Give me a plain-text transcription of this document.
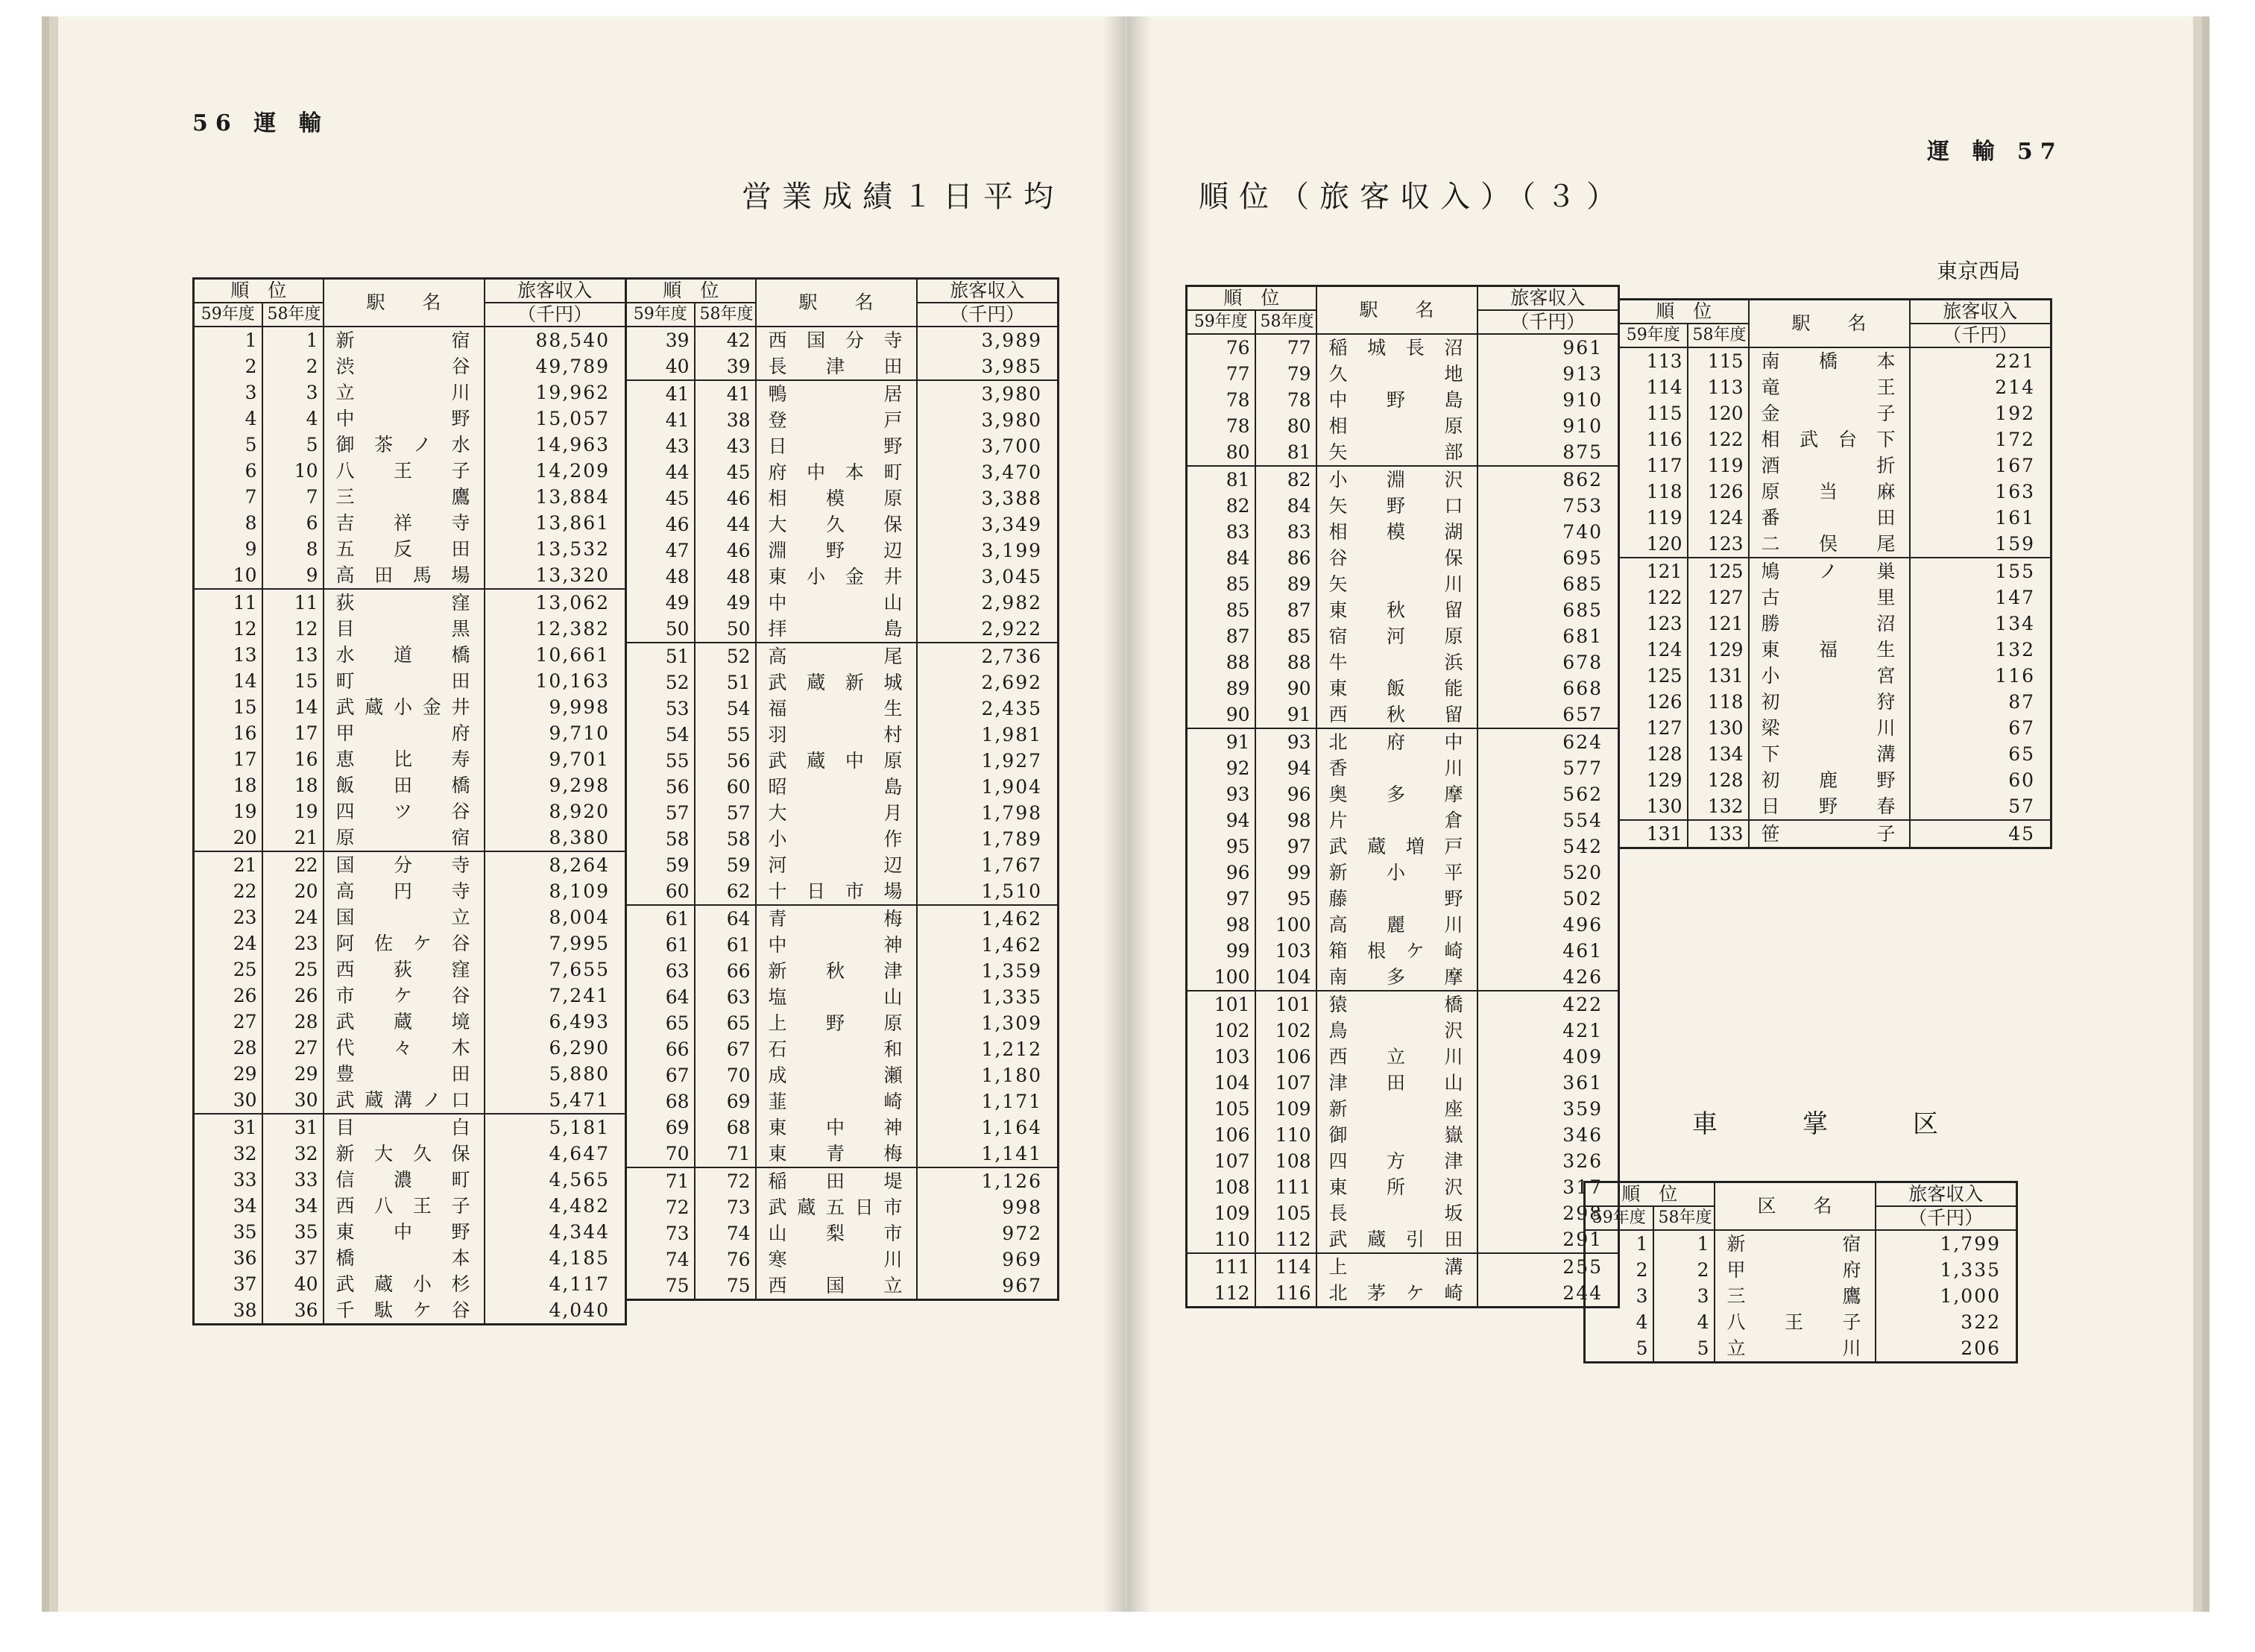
56 運 輸
営業成績１日平均
順　位		駅　　名	旅客収入
59年度	58年度		（千円）
1	1	新宿	88,540
2	2	渋谷	49,789
3	3	立川	19,962
4	4	中野	15,057
5	5	御茶ノ水	14,963
6	10	八王子	14,209
7	7	三鷹	13,884
8	6	吉祥寺	13,861
9	8	五反田	13,532
10	9	高田馬場	13,320
11	11	荻窪	13,062
12	12	目黒	12,382
13	13	水道橋	10,661
14	15	町田	10,163
15	14	武蔵小金井	9,998
16	17	甲府	9,710
17	16	恵比寿	9,701
18	18	飯田橋	9,298
19	19	四ツ谷	8,920
20	21	原宿	8,380
21	22	国分寺	8,264
22	20	高円寺	8,109
23	24	国立	8,004
24	23	阿佐ケ谷	7,995
25	25	西荻窪	7,655
26	26	市ケ谷	7,241
27	28	武蔵境	6,493
28	27	代々木	6,290
29	29	豊田	5,880
30	30	武蔵溝ノ口	5,471
31	31	目白	5,181
32	32	新大久保	4,647
33	33	信濃町	4,565
34	34	西八王子	4,482
35	35	東中野	4,344
36	37	橋本	4,185
37	40	武蔵小杉	4,117
38	36	千駄ケ谷	4,040
順　位		駅　　名	旅客収入
59年度	58年度		（千円）
39	42	西国分寺	3,989
40	39	長津田	3,985
41	41	鴨居	3,980
41	38	登戸	3,980
43	43	日野	3,700
44	45	府中本町	3,470
45	46	相模原	3,388
46	44	大久保	3,349
47	46	淵野辺	3,199
48	48	東小金井	3,045
49	49	中山	2,982
50	50	拝島	2,922
51	52	高尾	2,736
52	51	武蔵新城	2,692
53	54	福生	2,435
54	55	羽村	1,981
55	56	武蔵中原	1,927
56	60	昭島	1,904
57	57	大月	1,798
58	58	小作	1,789
59	59	河辺	1,767
60	62	十日市場	1,510
61	64	青梅	1,462
61	61	中神	1,462
63	66	新秋津	1,359
64	63	塩山	1,335
65	65	上野原	1,309
66	67	石和	1,212
67	70	成瀬	1,180
68	69	韮崎	1,171
69	68	東中神	1,164
70	71	東青梅	1,141
71	72	稲田堤	1,126
72	73	武蔵五日市	998
73	74	山梨市	972
74	76	寒川	969
75	75	西国立	967
運 輸 57
順位（旅客収入）（３）
東京西局
順　位		駅　　名	旅客収入
59年度	58年度		（千円）
76	77	稲城長沼	961
77	79	久地	913
78	78	中野島	910
78	80	相原	910
80	81	矢部	875
81	82	小淵沢	862
82	84	矢野口	753
83	83	相模湖	740
84	86	谷保	695
85	89	矢川	685
85	87	東秋留	685
87	85	宿河原	681
88	88	牛浜	678
89	90	東飯能	668
90	91	西秋留	657
91	93	北府中	624
92	94	香川	577
93	96	奥多摩	562
94	98	片倉	554
95	97	武蔵増戸	542
96	99	新小平	520
97	95	藤野	502
98	100	高麗川	496
99	103	箱根ケ崎	461
100	104	南多摩	426
101	101	猿橋	422
102	102	鳥沢	421
103	106	西立川	409
104	107	津田山	361
105	109	新座	359
106	110	御嶽	346
107	108	四方津	326
108	111	東所沢	317
109	105	長坂	298
110	112	武蔵引田	291
111	114	上溝	255
112	116	北茅ケ崎	244
順　位		駅　　名	旅客収入
59年度	58年度		（千円）
113	115	南橋本	221
114	113	竜王	214
115	120	金子	192
116	122	相武台下	172
117	119	酒折	167
118	126	原当麻	163
119	124	番田	161
120	123	二俣尾	159
121	125	鳩ノ巣	155
122	127	古里	147
123	121	勝沼	134
124	129	東福生	132
125	131	小宮	116
126	118	初狩	87
127	130	梁川	67
128	134	下溝	65
129	128	初鹿野	60
130	132	日野春	57
131	133	笹子	45
車　掌　区
順　位		区　　名	旅客収入
59年度	58年度		（千円）
1	1	新宿	1,799
2	2	甲府	1,335
3	3	三鷹	1,000
4	4	八王子	322
5	5	立川	206
